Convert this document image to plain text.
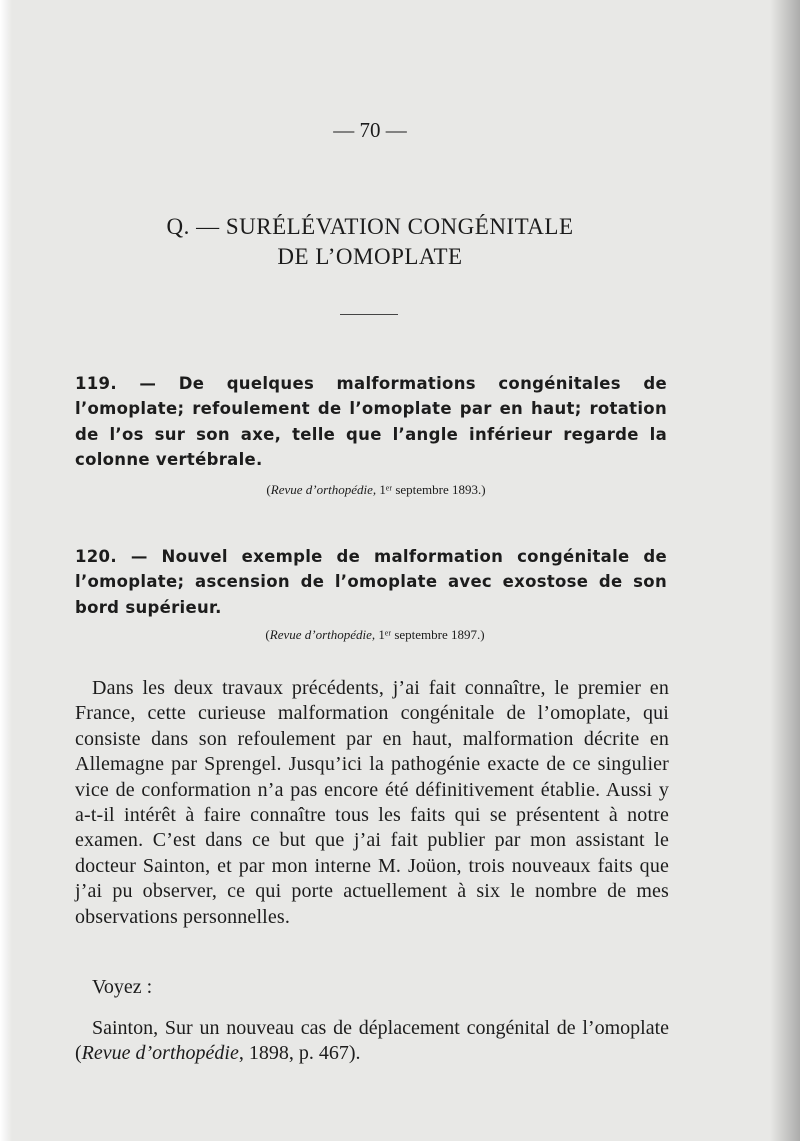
— 70 —
Q. — SURÉLÉVATION CONGÉNITALE
DE L’OMOPLATE
119. — De quelques malformations congénitales de l’omoplate; refoulement de l’omoplate par en haut; rotation de l’os sur son axe, telle que l’angle inférieur regarde la colonne vertébrale.
(Revue d’orthopédie, 1ᵉʳ septembre 1893.)
120. — Nouvel exemple de malformation congénitale de l’omoplate; ascension de l’omoplate avec exostose de son bord supérieur.
(Revue d’orthopédie, 1ᵉʳ septembre 1897.)
Dans les deux travaux précédents, j’ai fait connaître, le premier en France, cette curieuse malformation congénitale de l’omoplate, qui consiste dans son refoulement par en haut, malformation décrite en Allemagne par Sprengel. Jusqu’ici la pathogénie exacte de ce singulier vice de conformation n’a pas encore été définitivement établie. Aussi y a-t-il intérêt à faire connaître tous les faits qui se présentent à notre examen. C’est dans ce but que j’ai fait publier par mon assistant le docteur Sainton, et par mon interne M. Joüon, trois nouveaux faits que j’ai pu observer, ce qui porte actuellement à six le nombre de mes observations personnelles.
Voyez :
Sainton, Sur un nouveau cas de déplacement congénital de l’omoplate (Revue d’orthopédie, 1898, p. 467).
